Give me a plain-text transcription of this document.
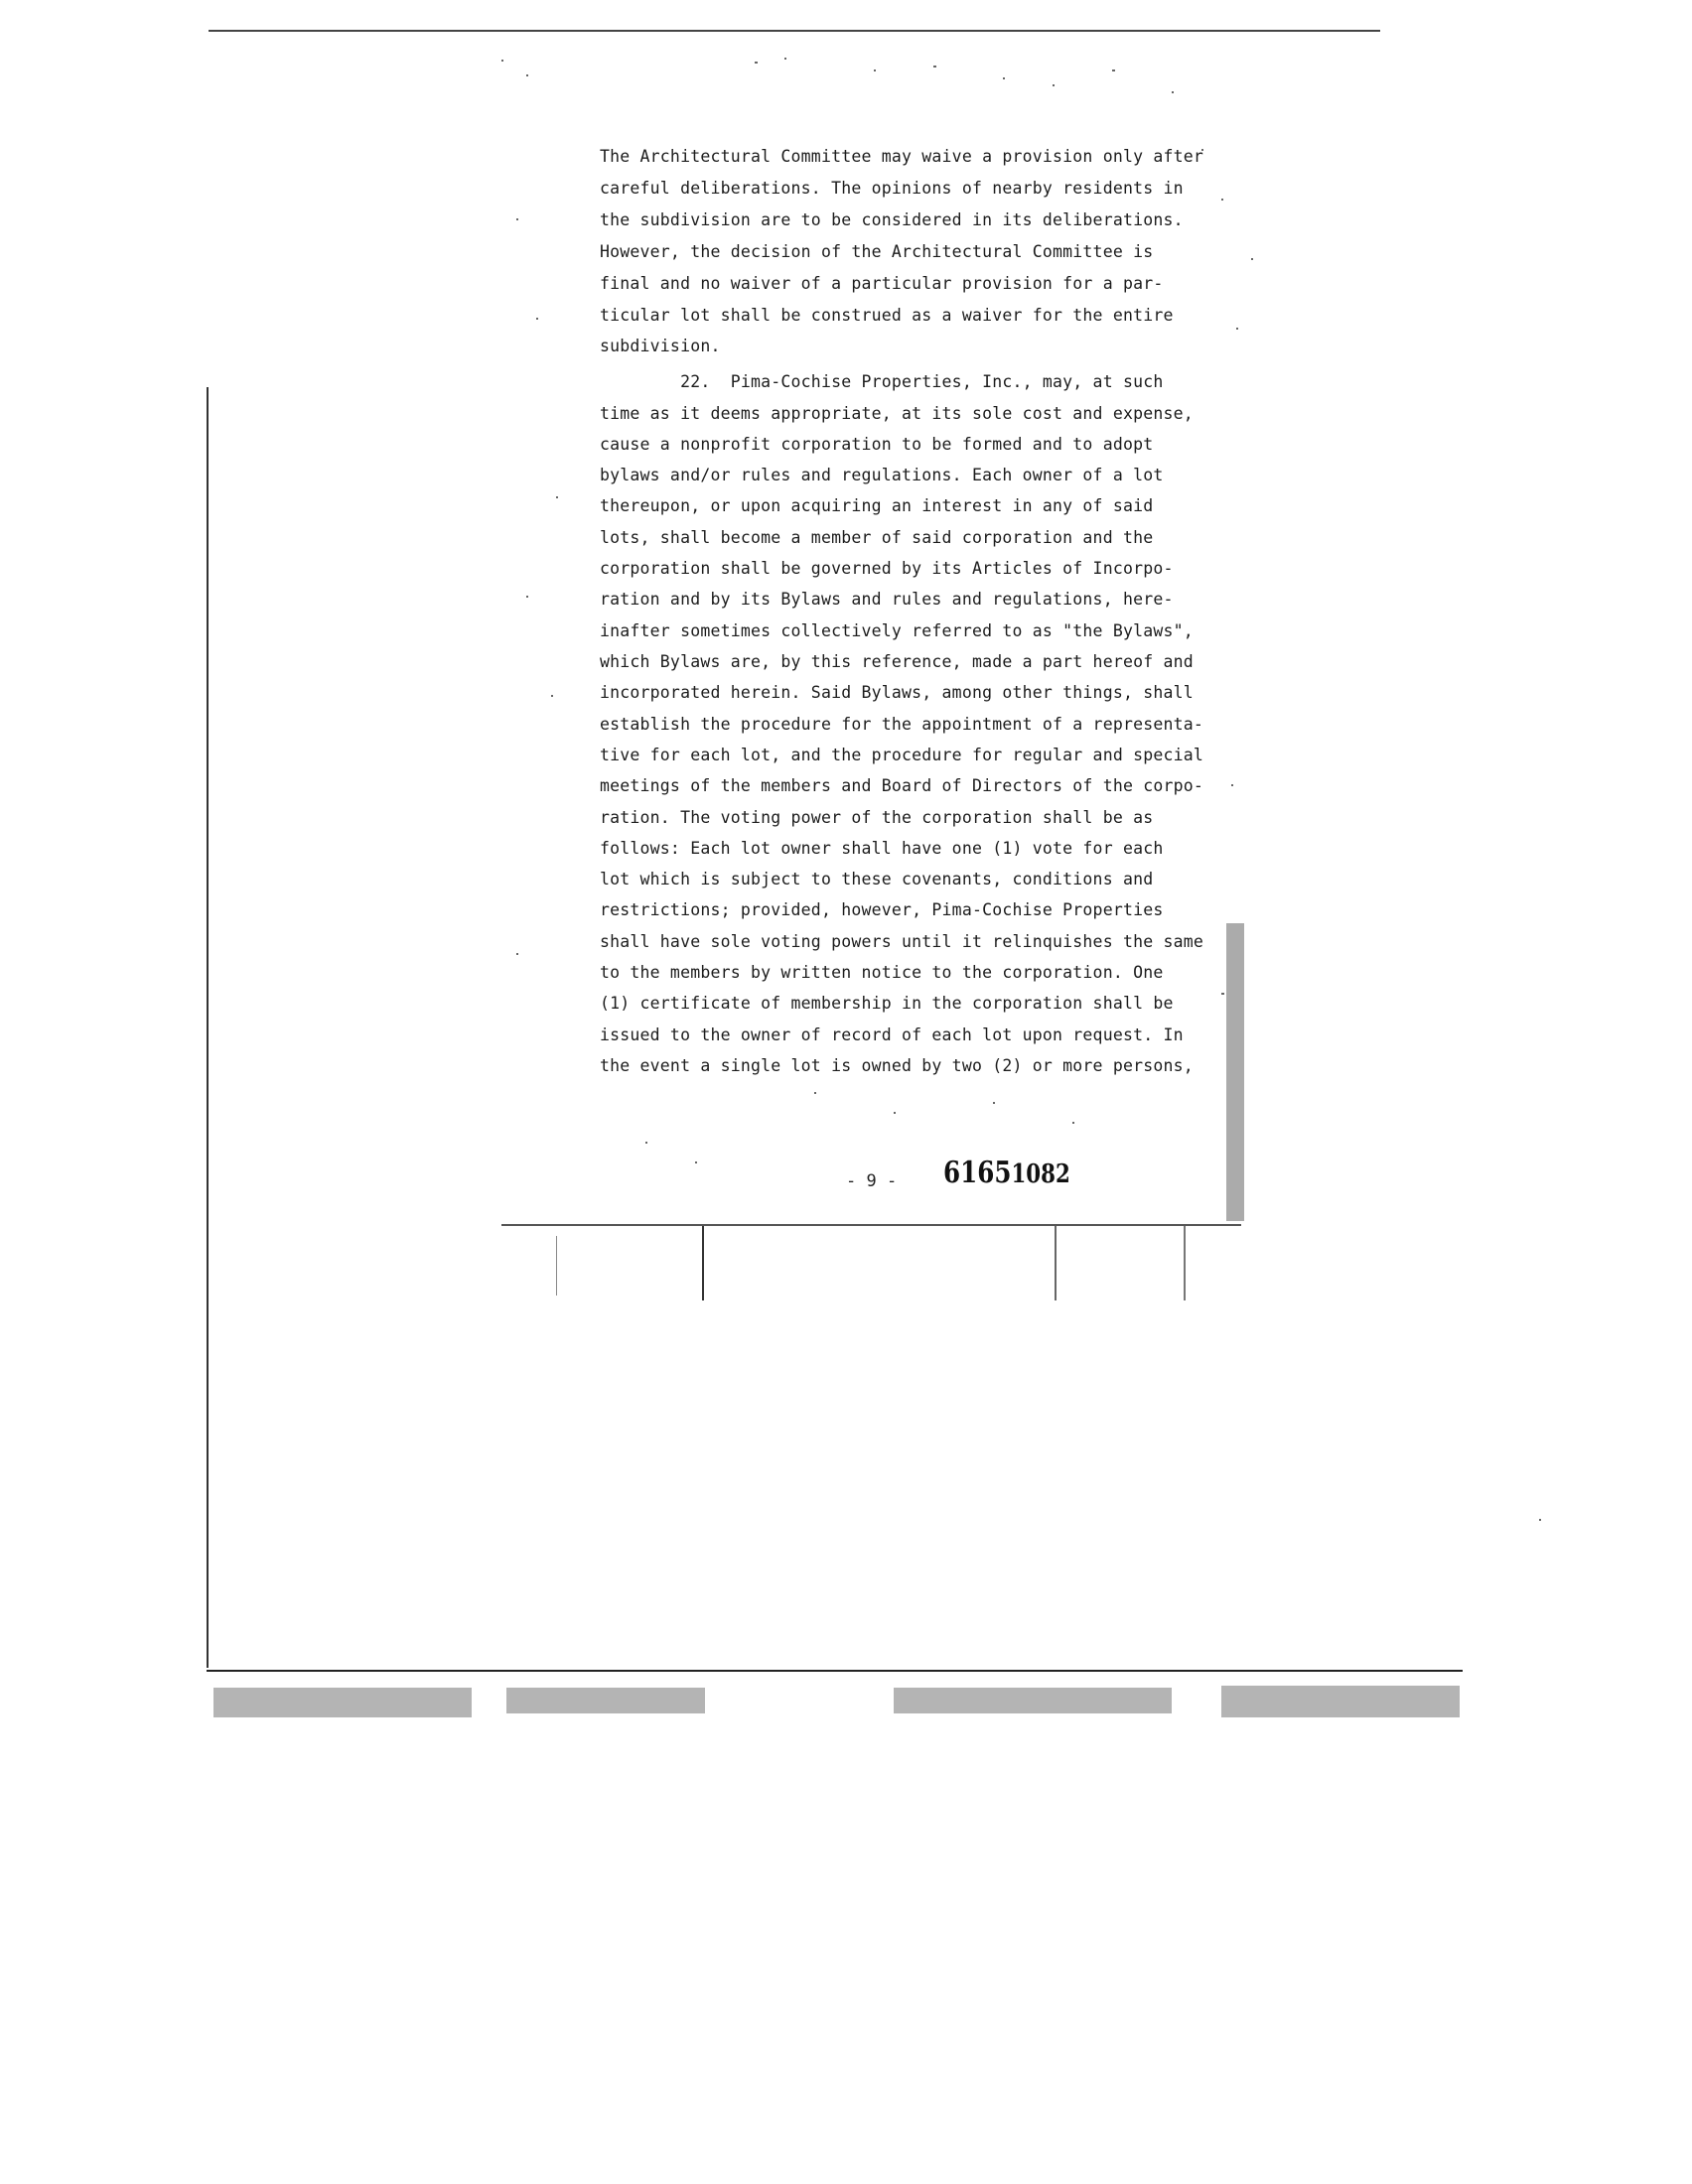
The Architectural Committee may waive a provision only after
careful deliberations. The opinions of nearby residents in
the subdivision are to be considered in its deliberations.
However, the decision of the Architectural Committee is
final and no waiver of a particular provision for a par-
ticular lot shall be construed as a waiver for the entire
subdivision.
22.  Pima-Cochise Properties, Inc., may, at such
time as it deems appropriate, at its sole cost and expense,
cause a nonprofit corporation to be formed and to adopt
bylaws and/or rules and regulations. Each owner of a lot
thereupon, or upon acquiring an interest in any of said
lots, shall become a member of said corporation and the
corporation shall be governed by its Articles of Incorpo-
ration and by its Bylaws and rules and regulations, here-
inafter sometimes collectively referred to as "the Bylaws",
which Bylaws are, by this reference, made a part hereof and
incorporated herein. Said Bylaws, among other things, shall
establish the procedure for the appointment of a representa-
tive for each lot, and the procedure for regular and special
meetings of the members and Board of Directors of the corpo-
ration. The voting power of the corporation shall be as
follows: Each lot owner shall have one (1) vote for each
lot which is subject to these covenants, conditions and
restrictions; provided, however, Pima-Cochise Properties
shall have sole voting powers until it relinquishes the same
to the members by written notice to the corporation. One
(1) certificate of membership in the corporation shall be
issued to the owner of record of each lot upon request. In
the event a single lot is owned by two (2) or more persons,
- 9 - 61651082
